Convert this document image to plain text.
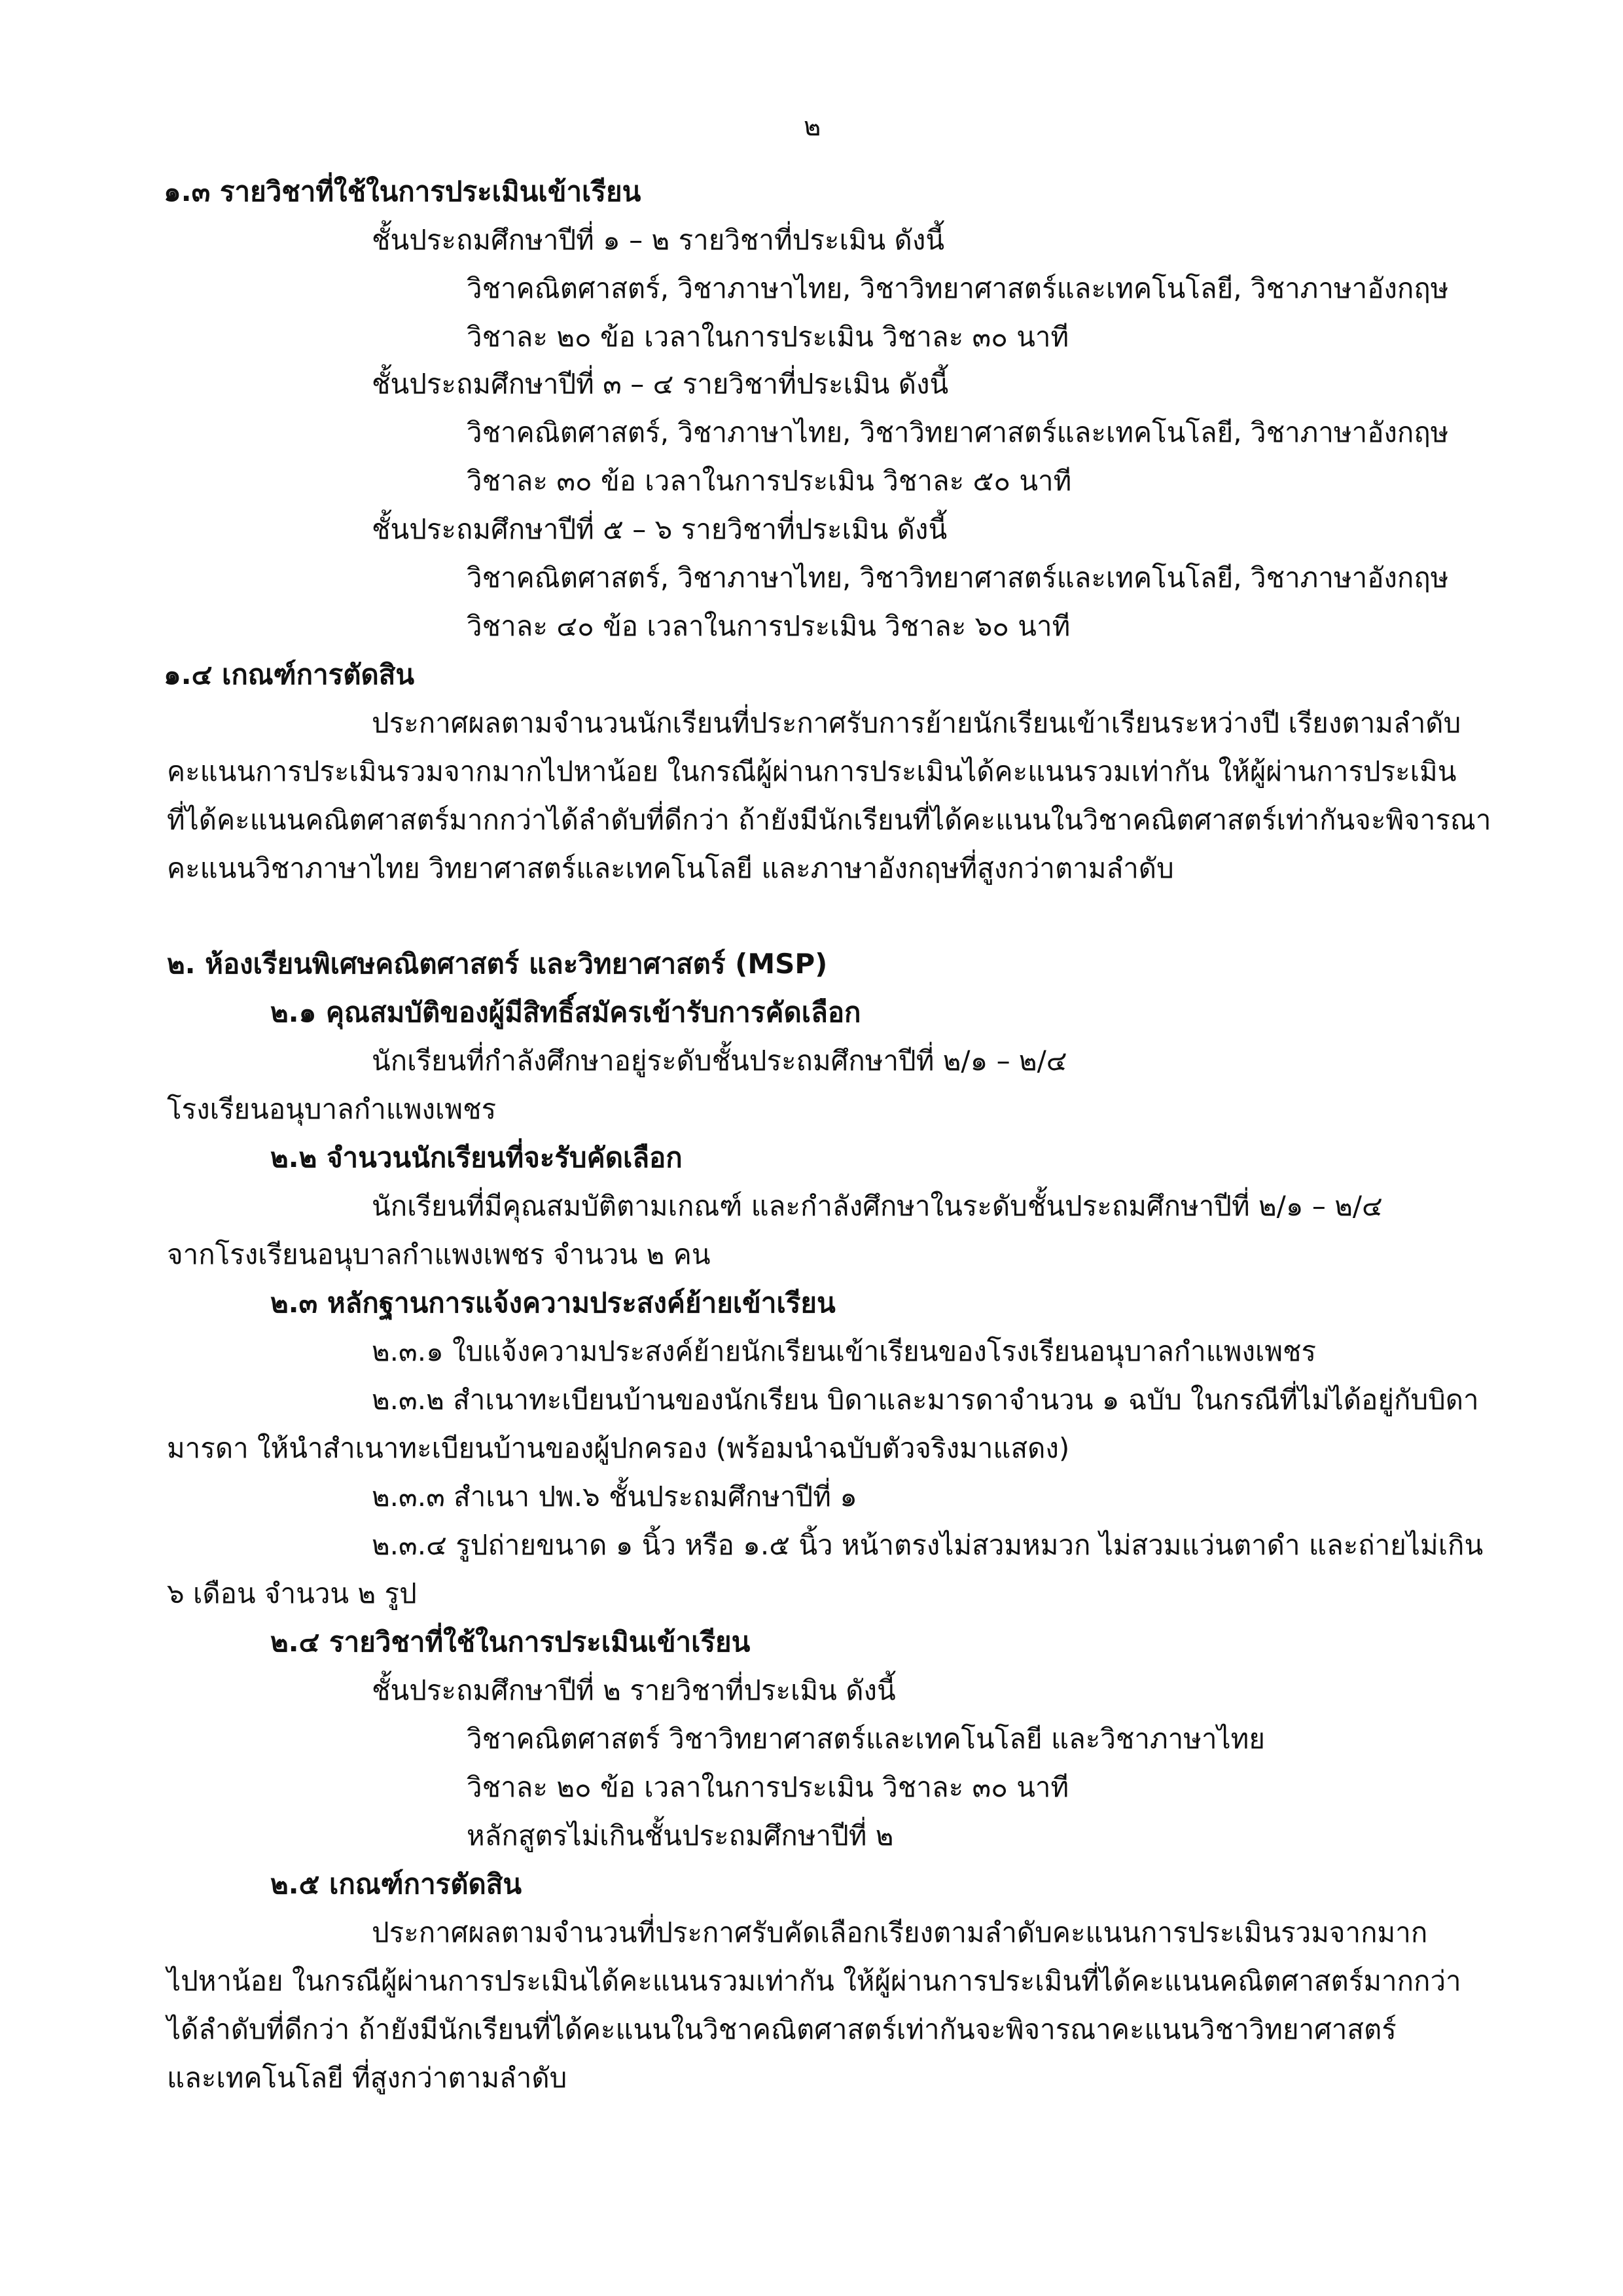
๒
๑.๓ รายวิชาที่ใช้ในการประเมินเข้าเรียน
ชั้นประถมศึกษาปีที่ ๑ – ๒ รายวิชาที่ประเมิน ดังนี้
วิชาคณิตศาสตร์, วิชาภาษาไทย, วิชาวิทยาศาสตร์และเทคโนโลยี, วิชาภาษาอังกฤษ
วิชาละ ๒๐ ข้อ เวลาในการประเมิน วิชาละ ๓๐ นาที
ชั้นประถมศึกษาปีที่ ๓ – ๔ รายวิชาที่ประเมิน ดังนี้
วิชาคณิตศาสตร์, วิชาภาษาไทย, วิชาวิทยาศาสตร์และเทคโนโลยี, วิชาภาษาอังกฤษ
วิชาละ ๓๐ ข้อ เวลาในการประเมิน วิชาละ ๕๐ นาที
ชั้นประถมศึกษาปีที่ ๕ – ๖ รายวิชาที่ประเมิน ดังนี้
วิชาคณิตศาสตร์, วิชาภาษาไทย, วิชาวิทยาศาสตร์และเทคโนโลยี, วิชาภาษาอังกฤษ
วิชาละ ๔๐ ข้อ เวลาในการประเมิน วิชาละ ๖๐ นาที
๑.๔ เกณฑ์การตัดสิน
ประกาศผลตามจำนวนนักเรียนที่ประกาศรับการย้ายนักเรียนเข้าเรียนระหว่างปี เรียงตามลำดับ
คะแนนการประเมินรวมจากมากไปหาน้อย ในกรณีผู้ผ่านการประเมินได้คะแนนรวมเท่ากัน ให้ผู้ผ่านการประเมิน
ที่ได้คะแนนคณิตศาสตร์มากกว่าได้ลำดับที่ดีกว่า ถ้ายังมีนักเรียนที่ได้คะแนนในวิชาคณิตศาสตร์เท่ากันจะพิจารณา
คะแนนวิชาภาษาไทย วิทยาศาสตร์และเทคโนโลยี และภาษาอังกฤษที่สูงกว่าตามลำดับ
๒. ห้องเรียนพิเศษคณิตศาสตร์ และวิทยาศาสตร์ (MSP)
๒.๑ คุณสมบัติของผู้มีสิทธิ์สมัครเข้ารับการคัดเลือก
นักเรียนที่กำลังศึกษาอยู่ระดับชั้นประถมศึกษาปีที่ ๒/๑ – ๒/๔
โรงเรียนอนุบาลกำแพงเพชร
๒.๒ จำนวนนักเรียนที่จะรับคัดเลือก
นักเรียนที่มีคุณสมบัติตามเกณฑ์ และกำลังศึกษาในระดับชั้นประถมศึกษาปีที่ ๒/๑ – ๒/๔
จากโรงเรียนอนุบาลกำแพงเพชร จำนวน ๒ คน
๒.๓ หลักฐานการแจ้งความประสงค์ย้ายเข้าเรียน
๒.๓.๑ ใบแจ้งความประสงค์ย้ายนักเรียนเข้าเรียนของโรงเรียนอนุบาลกำแพงเพชร
๒.๓.๒ สำเนาทะเบียนบ้านของนักเรียน บิดาและมารดาจำนวน ๑ ฉบับ ในกรณีที่ไม่ได้อยู่กับบิดา
มารดา ให้นำสำเนาทะเบียนบ้านของผู้ปกครอง (พร้อมนำฉบับตัวจริงมาแสดง)
๒.๓.๓ สำเนา ปพ.๖ ชั้นประถมศึกษาปีที่ ๑
๒.๓.๔ รูปถ่ายขนาด ๑ นิ้ว หรือ ๑.๕ นิ้ว หน้าตรงไม่สวมหมวก ไม่สวมแว่นตาดำ และถ่ายไม่เกิน
๖ เดือน จำนวน ๒ รูป
๒.๔ รายวิชาที่ใช้ในการประเมินเข้าเรียน
ชั้นประถมศึกษาปีที่ ๒ รายวิชาที่ประเมิน ดังนี้
วิชาคณิตศาสตร์ วิชาวิทยาศาสตร์และเทคโนโลยี และวิชาภาษาไทย
วิชาละ ๒๐ ข้อ เวลาในการประเมิน วิชาละ ๓๐ นาที
หลักสูตรไม่เกินชั้นประถมศึกษาปีที่ ๒
๒.๕ เกณฑ์การตัดสิน
ประกาศผลตามจำนวนที่ประกาศรับคัดเลือกเรียงตามลำดับคะแนนการประเมินรวมจากมาก
ไปหาน้อย ในกรณีผู้ผ่านการประเมินได้คะแนนรวมเท่ากัน ให้ผู้ผ่านการประเมินที่ได้คะแนนคณิตศาสตร์มากกว่า
ได้ลำดับที่ดีกว่า ถ้ายังมีนักเรียนที่ได้คะแนนในวิชาคณิตศาสตร์เท่ากันจะพิจารณาคะแนนวิชาวิทยาศาสตร์
และเทคโนโลยี ที่สูงกว่าตามลำดับ
